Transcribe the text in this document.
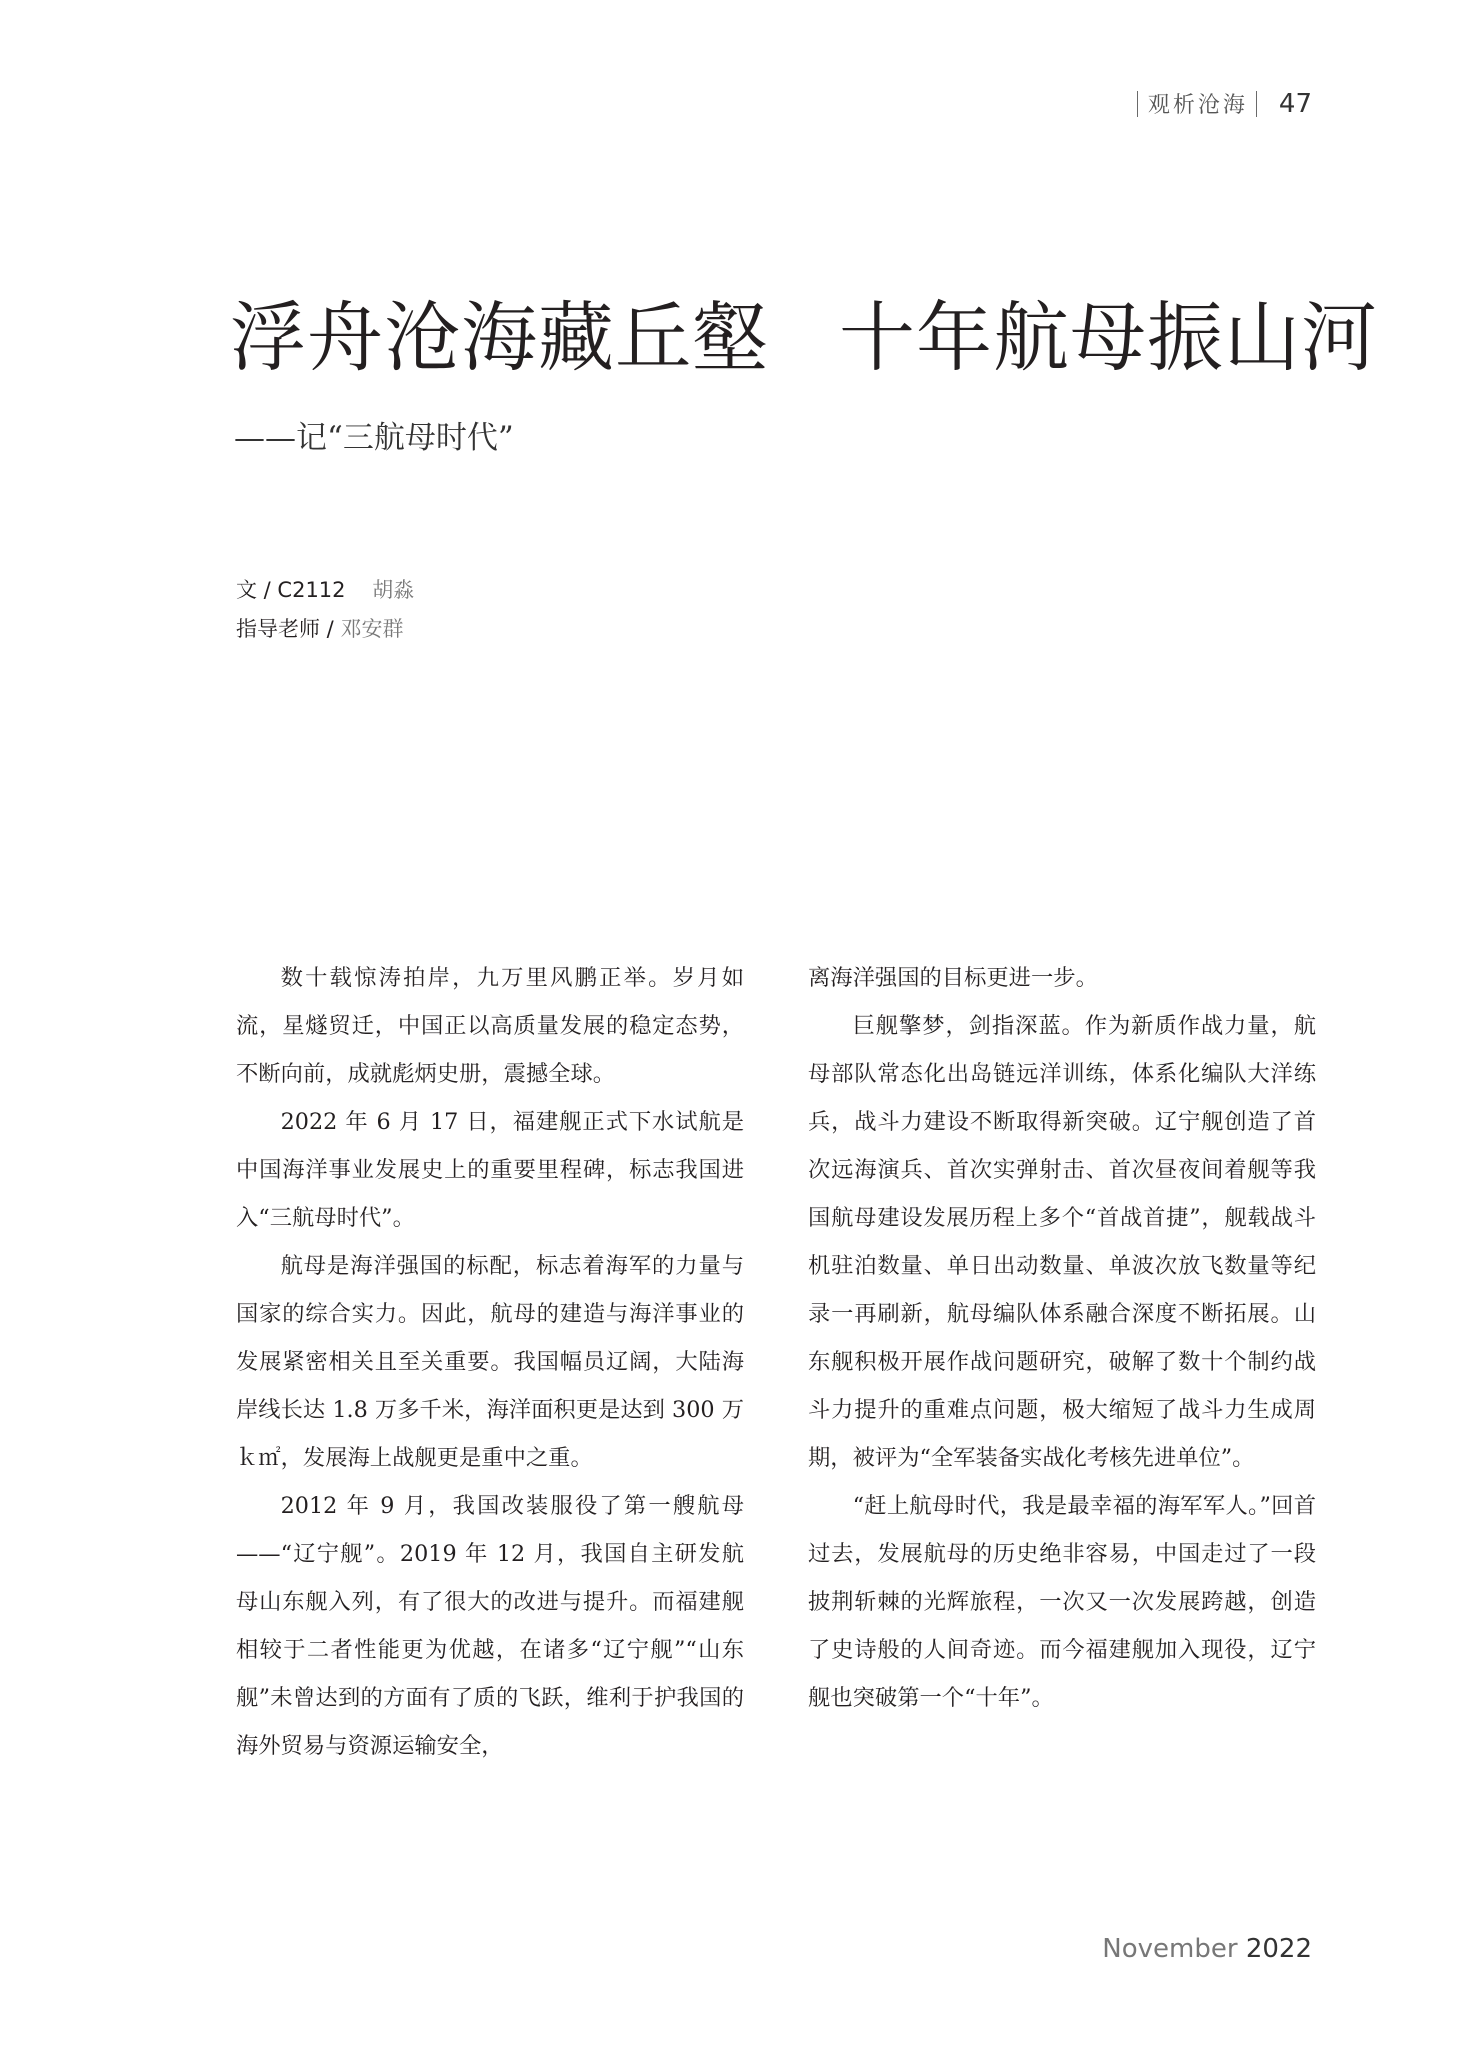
观析沧海 47
浮舟沧海藏丘壑 十年航母振山河
——记“三航母时代”
文 / C2112 胡淼
指导老师 / 邓安群

数十载惊涛拍岸，九万里风鹏正举。岁月如流，星燧贸迁，中国正以高质量发展的稳定态势，不断向前，成就彪炳史册，震撼全球。

2022 年 6 月 17 日，福建舰正式下水试航是中国海洋事业发展史上的重要里程碑，标志我国进入“三航母时代”。

航母是海洋强国的标配，标志着海军的力量与国家的综合实力。因此，航母的建造与海洋事业的发展紧密相关且至关重要。我国幅员辽阔，大陆海岸线长达 1.8 万多千米，海洋面积更是达到 300 万ｋ㎡，发展海上战舰更是重中之重。

2012 年 9 月，我国改装服役了第一艘航母——“辽宁舰”。2019 年 12 月，我国自主研发航母山东舰入列，有了很大的改进与提升。而福建舰相较于二者性能更为优越，在诸多“辽宁舰”“山东舰”未曾达到的方面有了质的飞跃，维利于护我国的海外贸易与资源运输安全，

离海洋强国的目标更进一步。

巨舰擎梦，剑指深蓝。作为新质作战力量，航母部队常态化出岛链远洋训练，体系化编队大洋练兵，战斗力建设不断取得新突破。辽宁舰创造了首次远海演兵、首次实弹射击、首次昼夜间着舰等我国航母建设发展历程上多个“首战首捷”，舰载战斗机驻泊数量、单日出动数量、单波次放飞数量等纪录一再刷新，航母编队体系融合深度不断拓展。山东舰积极开展作战问题研究，破解了数十个制约战斗力提升的重难点问题，极大缩短了战斗力生成周期，被评为“全军装备实战化考核先进单位”。

“赶上航母时代，我是最幸福的海军军人。”回首过去，发展航母的历史绝非容易，中国走过了一段披荆斩棘的光辉旅程，一次又一次发展跨越，创造了史诗般的人间奇迹。而今福建舰加入现役，辽宁舰也突破第一个“十年”。

November 2022
